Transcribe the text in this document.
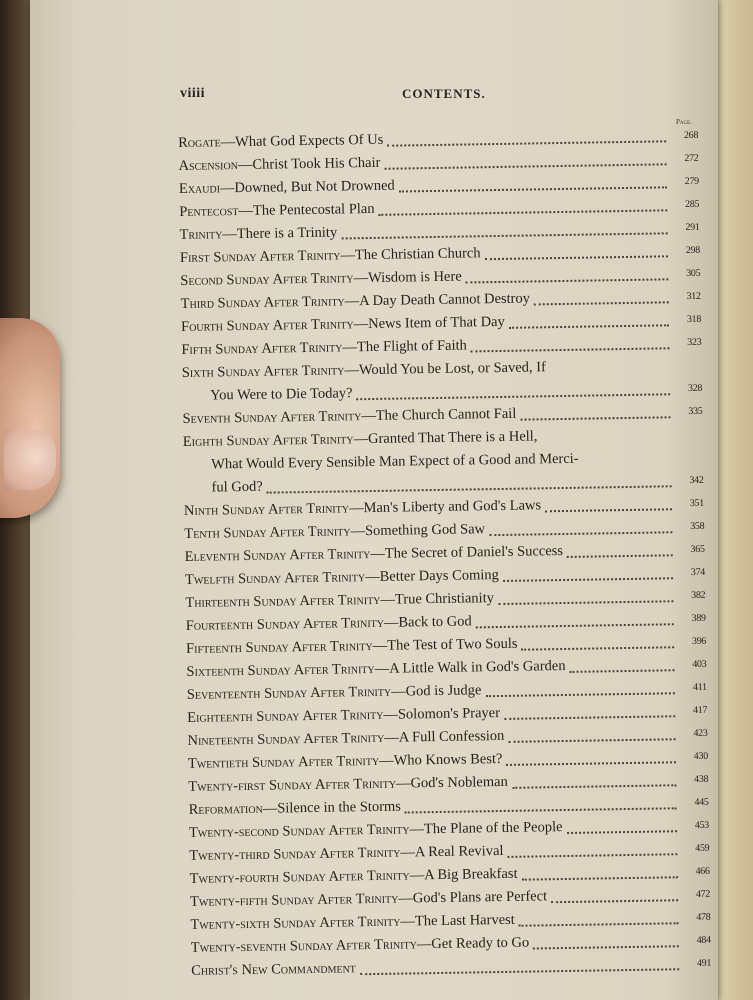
viiii	CONTENTS.
Page.
Rogate—What God Expects Of Us	268
Ascension—Christ Took His Chair	272
Exaudi—Downed, But Not Drowned	279
Pentecost—The Pentecostal Plan	285
Trinity—There is a Trinity	291
First Sunday After Trinity—The Christian Church	298
Second Sunday After Trinity—Wisdom is Here	305
Third Sunday After Trinity—A Day Death Cannot Destroy	312
Fourth Sunday After Trinity—News Item of That Day	318
Fifth Sunday After Trinity—The Flight of Faith	323
Sixth Sunday After Trinity—Would You be Lost, or Saved, If
You Were to Die Today?	328
Seventh Sunday After Trinity—The Church Cannot Fail	335
Eighth Sunday After Trinity—Granted That There is a Hell,
What Would Every Sensible Man Expect of a Good and Merci-
ful God?	342
Ninth Sunday After Trinity—Man's Liberty and God's Laws	351
Tenth Sunday After Trinity—Something God Saw	358
Eleventh Sunday After Trinity—The Secret of Daniel's Success	365
Twelfth Sunday After Trinity—Better Days Coming	374
Thirteenth Sunday After Trinity—True Christianity	382
Fourteenth Sunday After Trinity—Back to God	389
Fifteenth Sunday After Trinity—The Test of Two Souls	396
Sixteenth Sunday After Trinity—A Little Walk in God's Garden	403
Seventeenth Sunday After Trinity—God is Judge	411
Eighteenth Sunday After Trinity—Solomon's Prayer	417
Nineteenth Sunday After Trinity—A Full Confession	423
Twentieth Sunday After Trinity—Who Knows Best?	430
Twenty-first Sunday After Trinity—God's Nobleman	438
Reformation—Silence in the Storms	445
Twenty-second Sunday After Trinity—The Plane of the People	453
Twenty-third Sunday After Trinity—A Real Revival	459
Twenty-fourth Sunday After Trinity—A Big Breakfast	466
Twenty-fifth Sunday After Trinity—God's Plans are Perfect	472
Twenty-sixth Sunday After Trinity—The Last Harvest	478
Twenty-seventh Sunday After Trinity—Get Ready to Go	484
Christ's New Commandment	491
